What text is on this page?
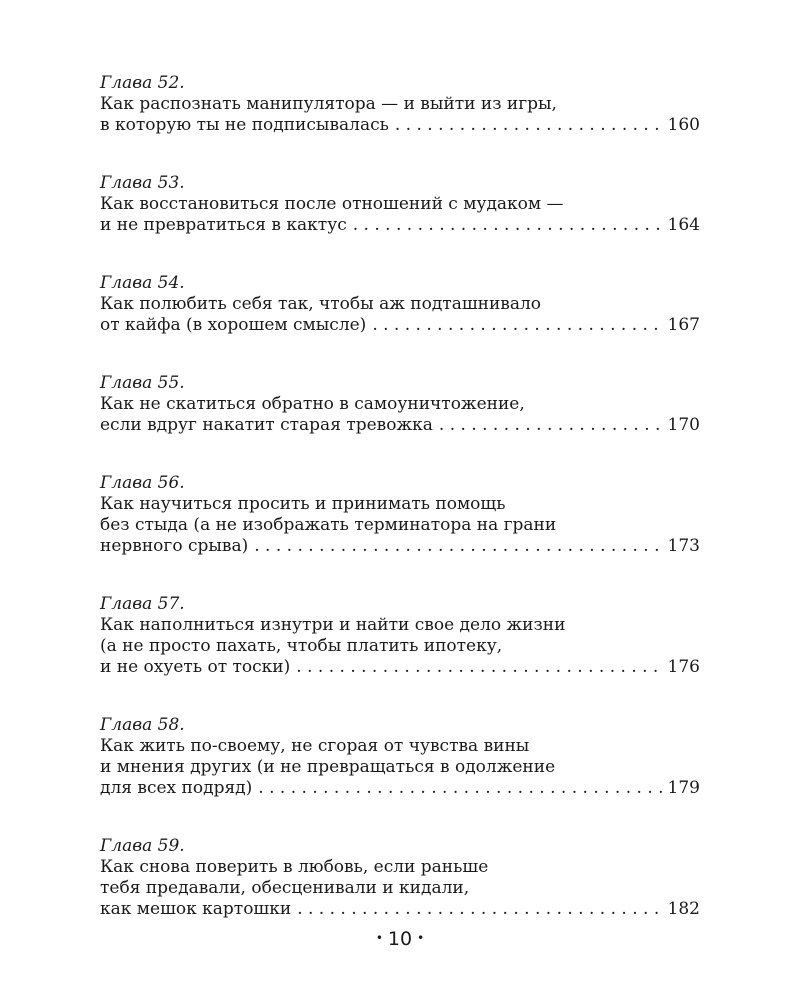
Глава 52.
Как распознать манипулятора — и выйти из игры,
в которую ты не подписывалась . . .	160
Глава 53.
Как восстановиться после отношений с мудаком —
и не превратиться в кактус . . .	164
Глава 54.
Как полюбить себя так, чтобы аж подташнивало
от кайфа (в хорошем смысле) . . .	167
Глава 55.
Как не скатиться обратно в самоуничтожение,
если вдруг накатит старая тревожка . . .	170
Глава 56.
Как научиться просить и принимать помощь
без стыда (а не изображать терминатора на грани
нервного срыва) . . .	173
Глава 57.
Как наполниться изнутри и найти свое дело жизни
(а не просто пахать, чтобы платить ипотеку,
и не охуеть от тоски) . . .	176
Глава 58.
Как жить по-своему, не сгорая от чувства вины
и мнения других (и не превращаться в одолжение
для всех подряд) . . .	179
Глава 59.
Как снова поверить в любовь, если раньше
тебя предавали, обесценивали и кидали,
как мешок картошки . . .	182
• 10 •
